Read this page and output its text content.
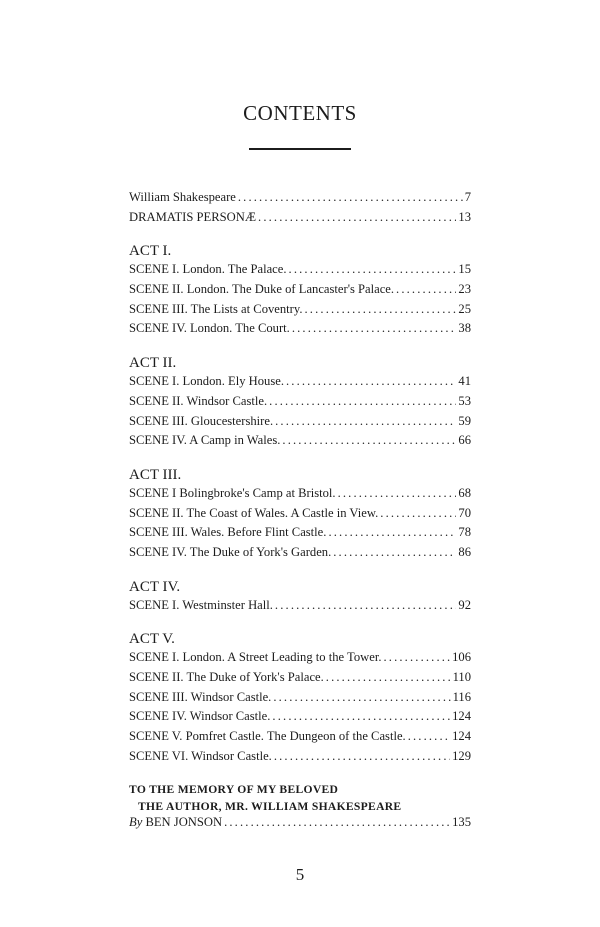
CONTENTS
William Shakespeare . . .	7
DRAMATIS PERSONÆ . . .	13
ACT I.
SCENE I. London. The Palace. . . .	15
SCENE II. London. The Duke of Lancaster's Palace. . . .	23
SCENE III. The Lists at Coventry. . . .	25
SCENE IV. London. The Court. . . .	38
ACT II.
SCENE I. London. Ely House. . . .	41
SCENE II. Windsor Castle. . . .	53
SCENE III. Gloucestershire. . . .	59
SCENE IV. A Camp in Wales. . . .	66
ACT III.
SCENE I Bolingbroke's Camp at Bristol. . . .	68
SCENE II. The Coast of Wales. A Castle in View. . . .	70
SCENE III. Wales. Before Flint Castle. . . .	78
SCENE IV. The Duke of York's Garden. . . .	86
ACT IV.
SCENE I. Westminster Hall. . . .	92
ACT V.
SCENE I. London. A Street Leading to the Tower. . . .	106
SCENE II. The Duke of York's Palace. . . .	110
SCENE III. Windsor Castle. . . .	116
SCENE IV. Windsor Castle. . . .	124
SCENE V. Pomfret Castle. The Dungeon of the Castle. . . .	124
SCENE VI. Windsor Castle. . . .	129
TO THE MEMORY OF MY BELOVED
THE AUTHOR, MR. WILLIAM SHAKESPEARE
By BEN JONSON . . .	135
5
